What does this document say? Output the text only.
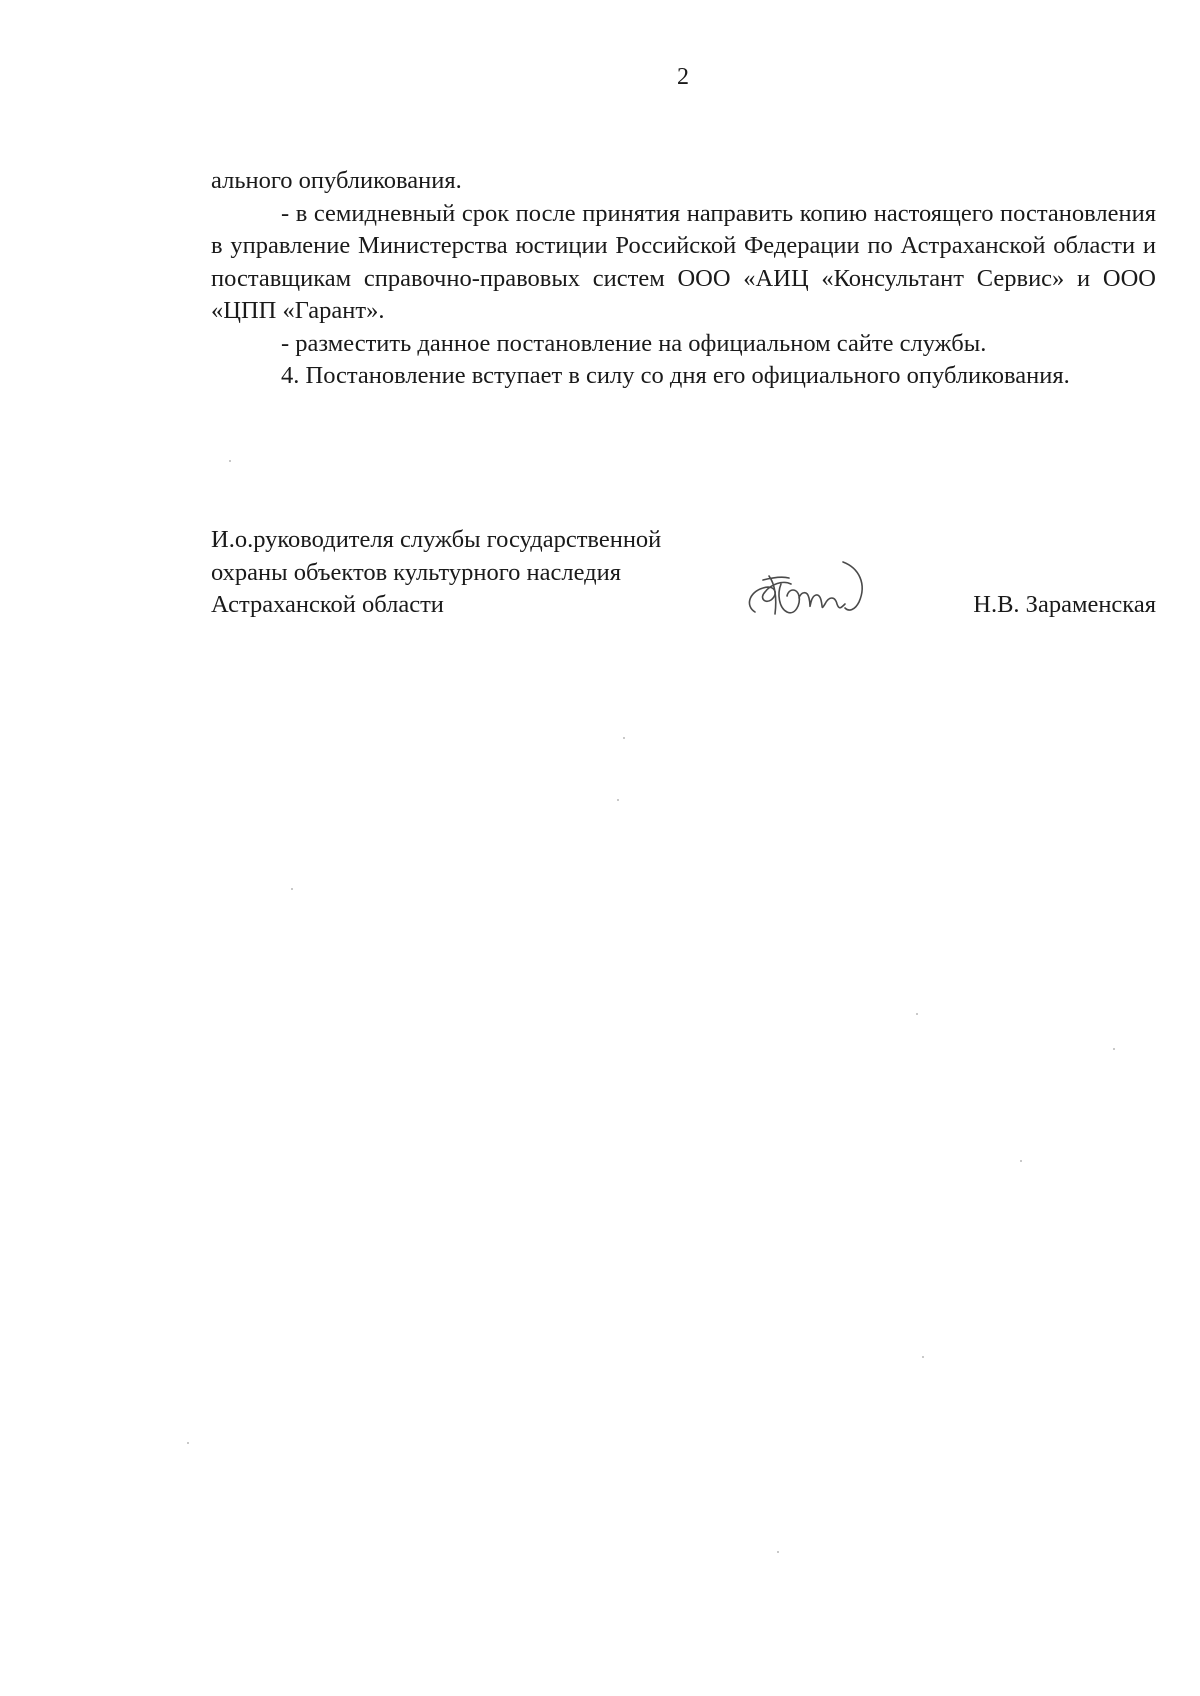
2

ального опубликования.

- в семидневный срок после принятия направить копию настоящего постановления в управление Министерства юстиции Российской Федерации по Астраханской области и поставщикам справочно-правовых систем ООО «АИЦ «Консультант Сервис» и ООО «ЦПП «Гарант».

- разместить данное постановление на официальном сайте службы.

4. Постановление вступает в силу со дня его официального опубликования.

И.о.руководителя службы государственной
охраны объектов культурного наследия
Астраханской области	Н.В. Зараменская
